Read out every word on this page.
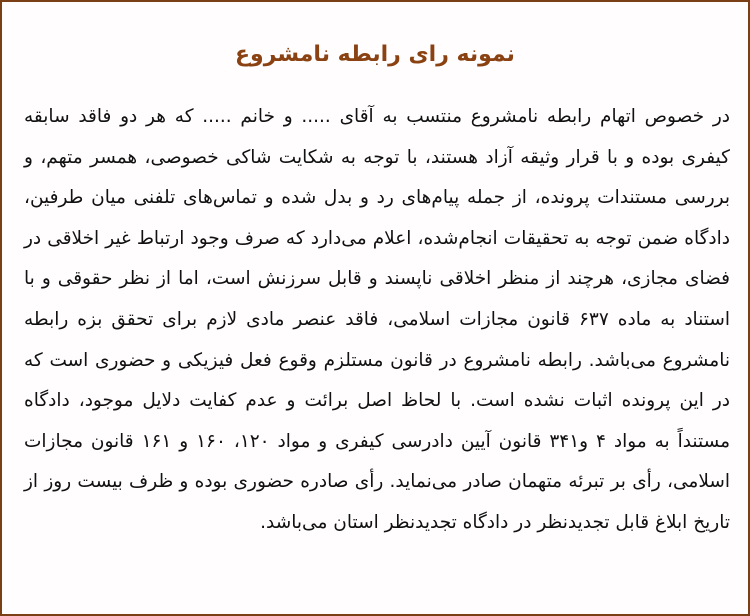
نمونه رای رابطه نامشروع

در خصوص اتهام رابطه نامشروع منتسب به آقای ..... و خانم ..... که هر دو فاقد سابقه کیفری بوده و با قرار وثیقه آزاد هستند، با توجه به شکایت شاکی خصوصی، همسر متهم، و بررسی مستندات پرونده، از جمله پیام‌های رد و بدل شده و تماس‌های تلفنی میان طرفین، دادگاه ضمن توجه به تحقیقات انجام‌شده، اعلام می‌دارد که صرف وجود ارتباط غیر اخلاقی در فضای مجازی، هرچند از منظر اخلاقی ناپسند و قابل سرزنش است، اما از نظر حقوقی و با استناد به ماده ۶۳۷ قانون مجازات اسلامی، فاقد عنصر مادی لازم برای تحقق بزه رابطه نامشروع می‌باشد. رابطه نامشروع در قانون مستلزم وقوع فعل فیزیکی و حضوری است که در این پرونده اثبات نشده است. با لحاظ اصل برائت و عدم کفایت دلایل موجود، دادگاه مستنداً به مواد ۴ و۳۴۱ قانون آیین دادرسی کیفری و مواد ۱۲۰، ۱۶۰ و ۱۶۱ قانون مجازات اسلامی، رأی بر تبرئه متهمان صادر می‌نماید. رأی صادره حضوری بوده و ظرف بیست روز از تاریخ ابلاغ قابل تجدیدنظر در دادگاه تجدیدنظر استان می‌باشد.
